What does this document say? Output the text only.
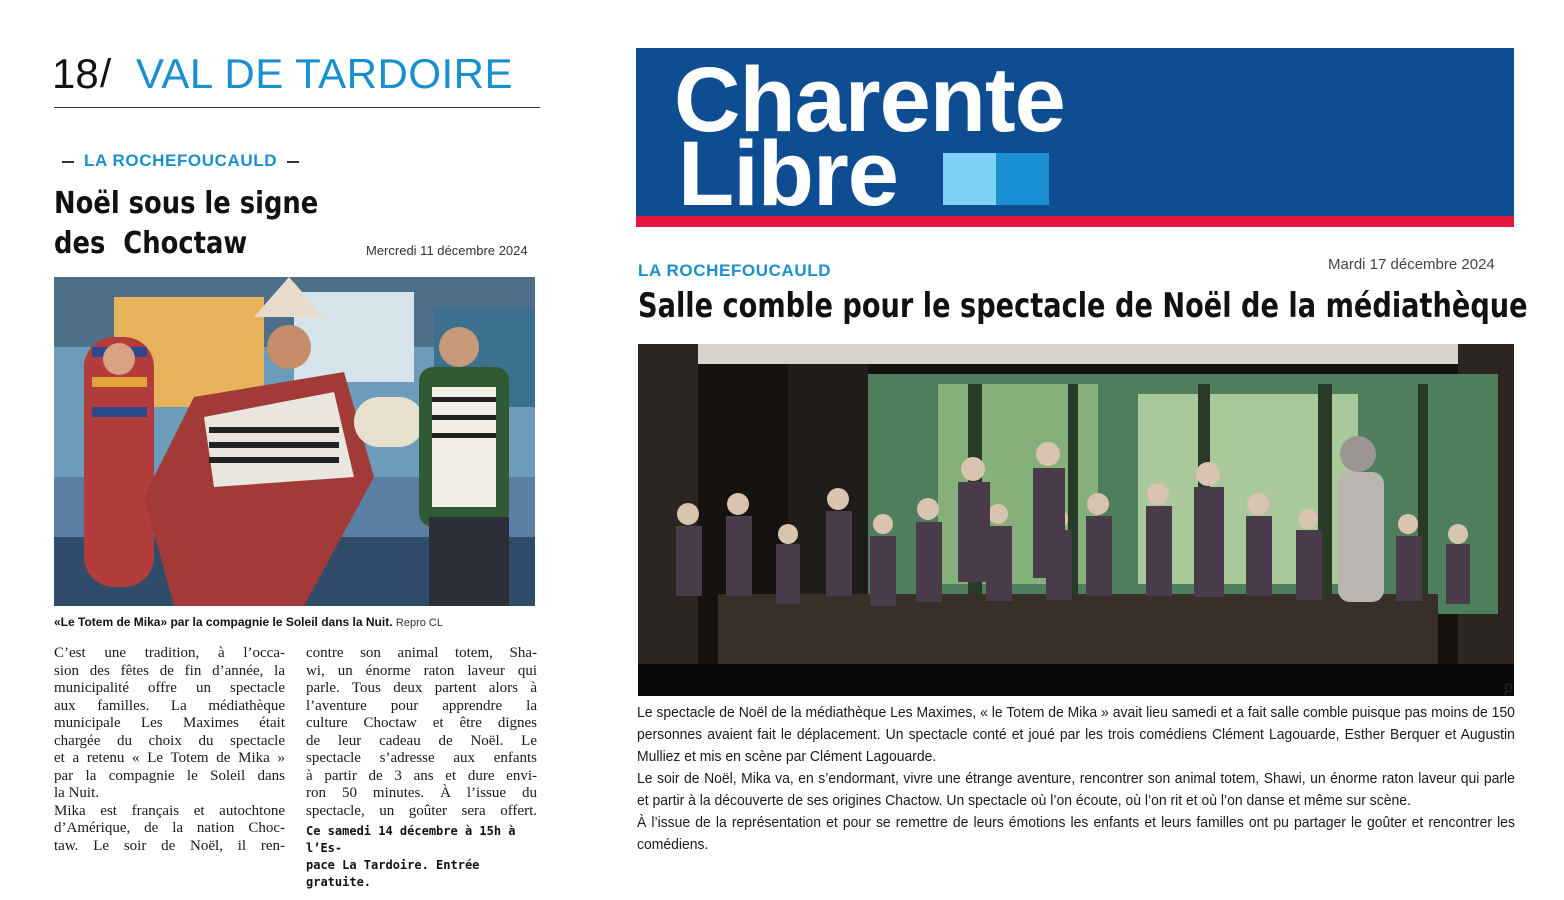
18 / VAL DE TARDOIRE
LA ROCHEFOUCAULD
Noël sous le signe
des  Choctaw	Mercredi 11 décembre 2024
«Le Totem de Mika» par la compagnie le Soleil dans la Nuit. Repro CL
C’est une tradition, à l’occa-
sion des fêtes de fin d’année, la
municipalité offre un spectacle
aux familles. La médiathèque
municipale Les Maximes était
chargée du choix du spectacle
et a retenu « Le Totem de Mika »
par la compagnie le Soleil dans
la Nuit.
Mika est français et autochtone
d’Amérique, de la nation Choc-
taw. Le soir de Noël, il ren-
contre son animal totem, Sha-
wi, un énorme raton laveur qui
parle. Tous deux partent alors à
l’aventure pour apprendre la
culture Choctaw et être dignes
de leur cadeau de Noël. Le
spectacle s’adresse aux enfants
à partir de 3 ans et dure envi-
ron 50 minutes. À l’issue du
spectacle, un goûter sera offert.
Ce samedi 14 décembre à 15h à l’Es-
pace La Tardoire. Entrée gratuite.
Charente
Libre
LA ROCHEFOUCAULD	Mardi 17 décembre 2024
Salle comble pour le spectacle de Noël de la médiathèque
CL

Le spectacle de Noël de la médiathèque Les Maximes, « le Totem de Mika » avait lieu samedi et a fait salle comble puisque pas moins de 150 personnes avaient fait le déplacement. Un spectacle conté et joué par les trois comédiens Clément Lagouarde, Esther Berquer et Augustin Mulliez et mis en scène par Clément Lagouarde.

Le soir de Noël, Mika va, en s’endormant, vivre une étrange aventure, rencontrer son animal totem, Shawi, un énorme raton laveur qui parle et partir à la découverte de ses origines Chactow. Un spectacle où l’on écoute, où l’on rit et où l’on danse et même sur scène.

À l’issue de la représentation et pour se remettre de leurs émotions les enfants et leurs familles ont pu partager le goûter et rencontrer les comédiens.
